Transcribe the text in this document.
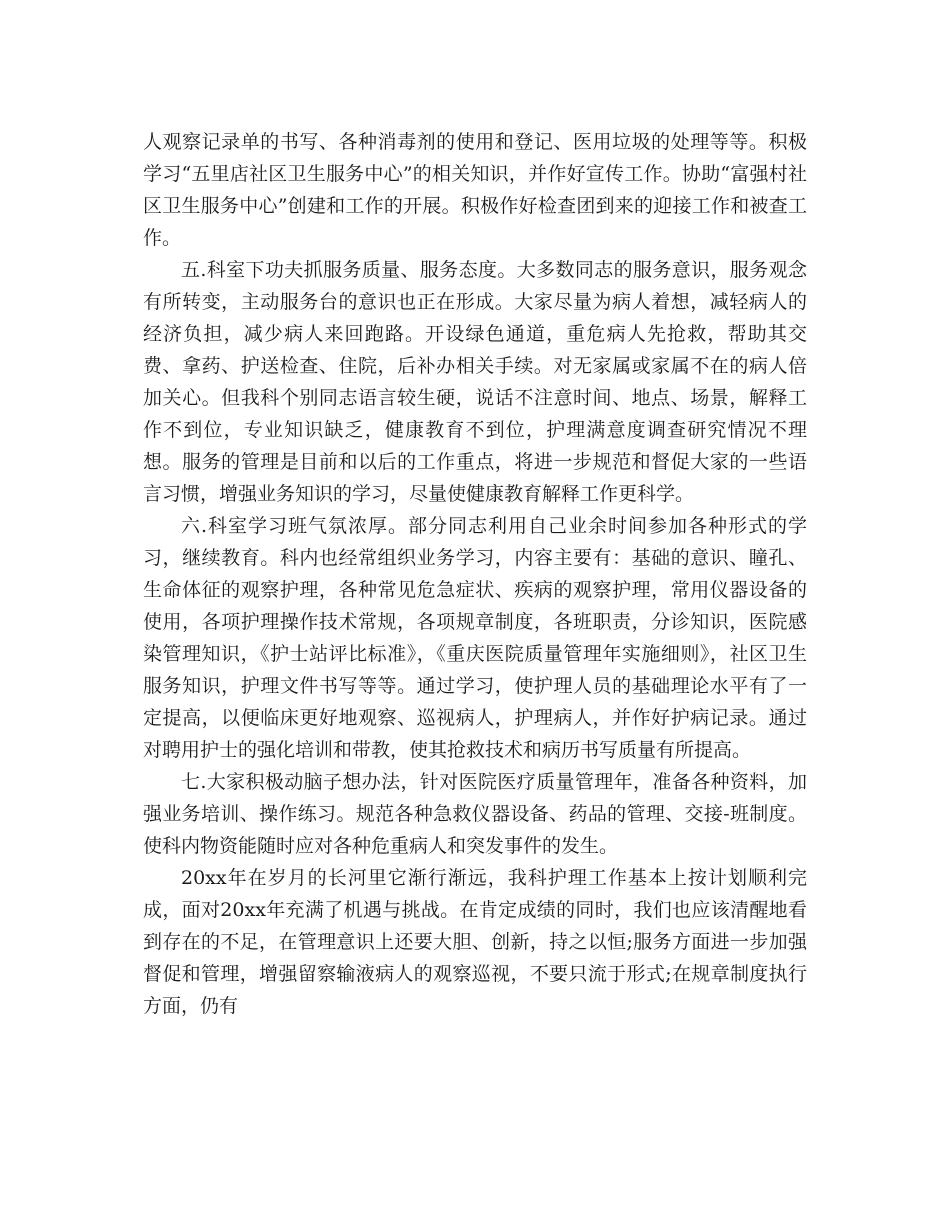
人观察记录单的书写、各种消毒剂的使用和登记、医用垃圾的处理等等。积极学习“五里店社区卫生服务中心”的相关知识，并作好宣传工作。协助“富强村社区卫生服务中心”创建和工作的开展。积极作好检查团到来的迎接工作和被查工作。

五.科室下功夫抓服务质量、服务态度。大多数同志的服务意识，服务观念有所转变，主动服务台的意识也正在形成。大家尽量为病人着想，减轻病人的经济负担，减少病人来回跑路。开设绿色通道，重危病人先抢救，帮助其交费、拿药、护送检查、住院，后补办相关手续。对无家属或家属不在的病人倍加关心。但我科个别同志语言较生硬，说话不注意时间、地点、场景，解释工作不到位，专业知识缺乏，健康教育不到位，护理满意度调查研究情况不理想。服务的管理是目前和以后的工作重点，将进一步规范和督促大家的一些语言习惯，增强业务知识的学习，尽量使健康教育解释工作更科学。

六.科室学习班气氛浓厚。部分同志利用自己业余时间参加各种形式的学习，继续教育。科内也经常组织业务学习，内容主要有：基础的意识、瞳孔、生命体征的观察护理，各种常见危急症状、疾病的观察护理，常用仪器设备的使用，各项护理操作技术常规，各项规章制度，各班职责，分诊知识，医院感染管理知识，《护士站评比标准》，《重庆医院质量管理年实施细则》，社区卫生服务知识，护理文件书写等等。通过学习，使护理人员的基础理论水平有了一定提高，以便临床更好地观察、巡视病人，护理病人，并作好护病记录。通过对聘用护士的强化培训和带教，使其抢救技术和病历书写质量有所提高。

七.大家积极动脑子想办法，针对医院医疗质量管理年，准备各种资料，加强业务培训、操作练习。规范各种急救仪器设备、药品的管理、交接-班制度。使科内物资能随时应对各种危重病人和突发事件的发生。

20xx年在岁月的长河里它渐行渐远，我科护理工作基本上按计划顺利完成，面对20xx年充满了机遇与挑战。在肯定成绩的同时，我们也应该清醒地看到存在的不足，在管理意识上还要大胆、创新，持之以恒;服务方面进一步加强督促和管理，增强留察输液病人的观察巡视，不要只流于形式;在规章制度执行方面，仍有
